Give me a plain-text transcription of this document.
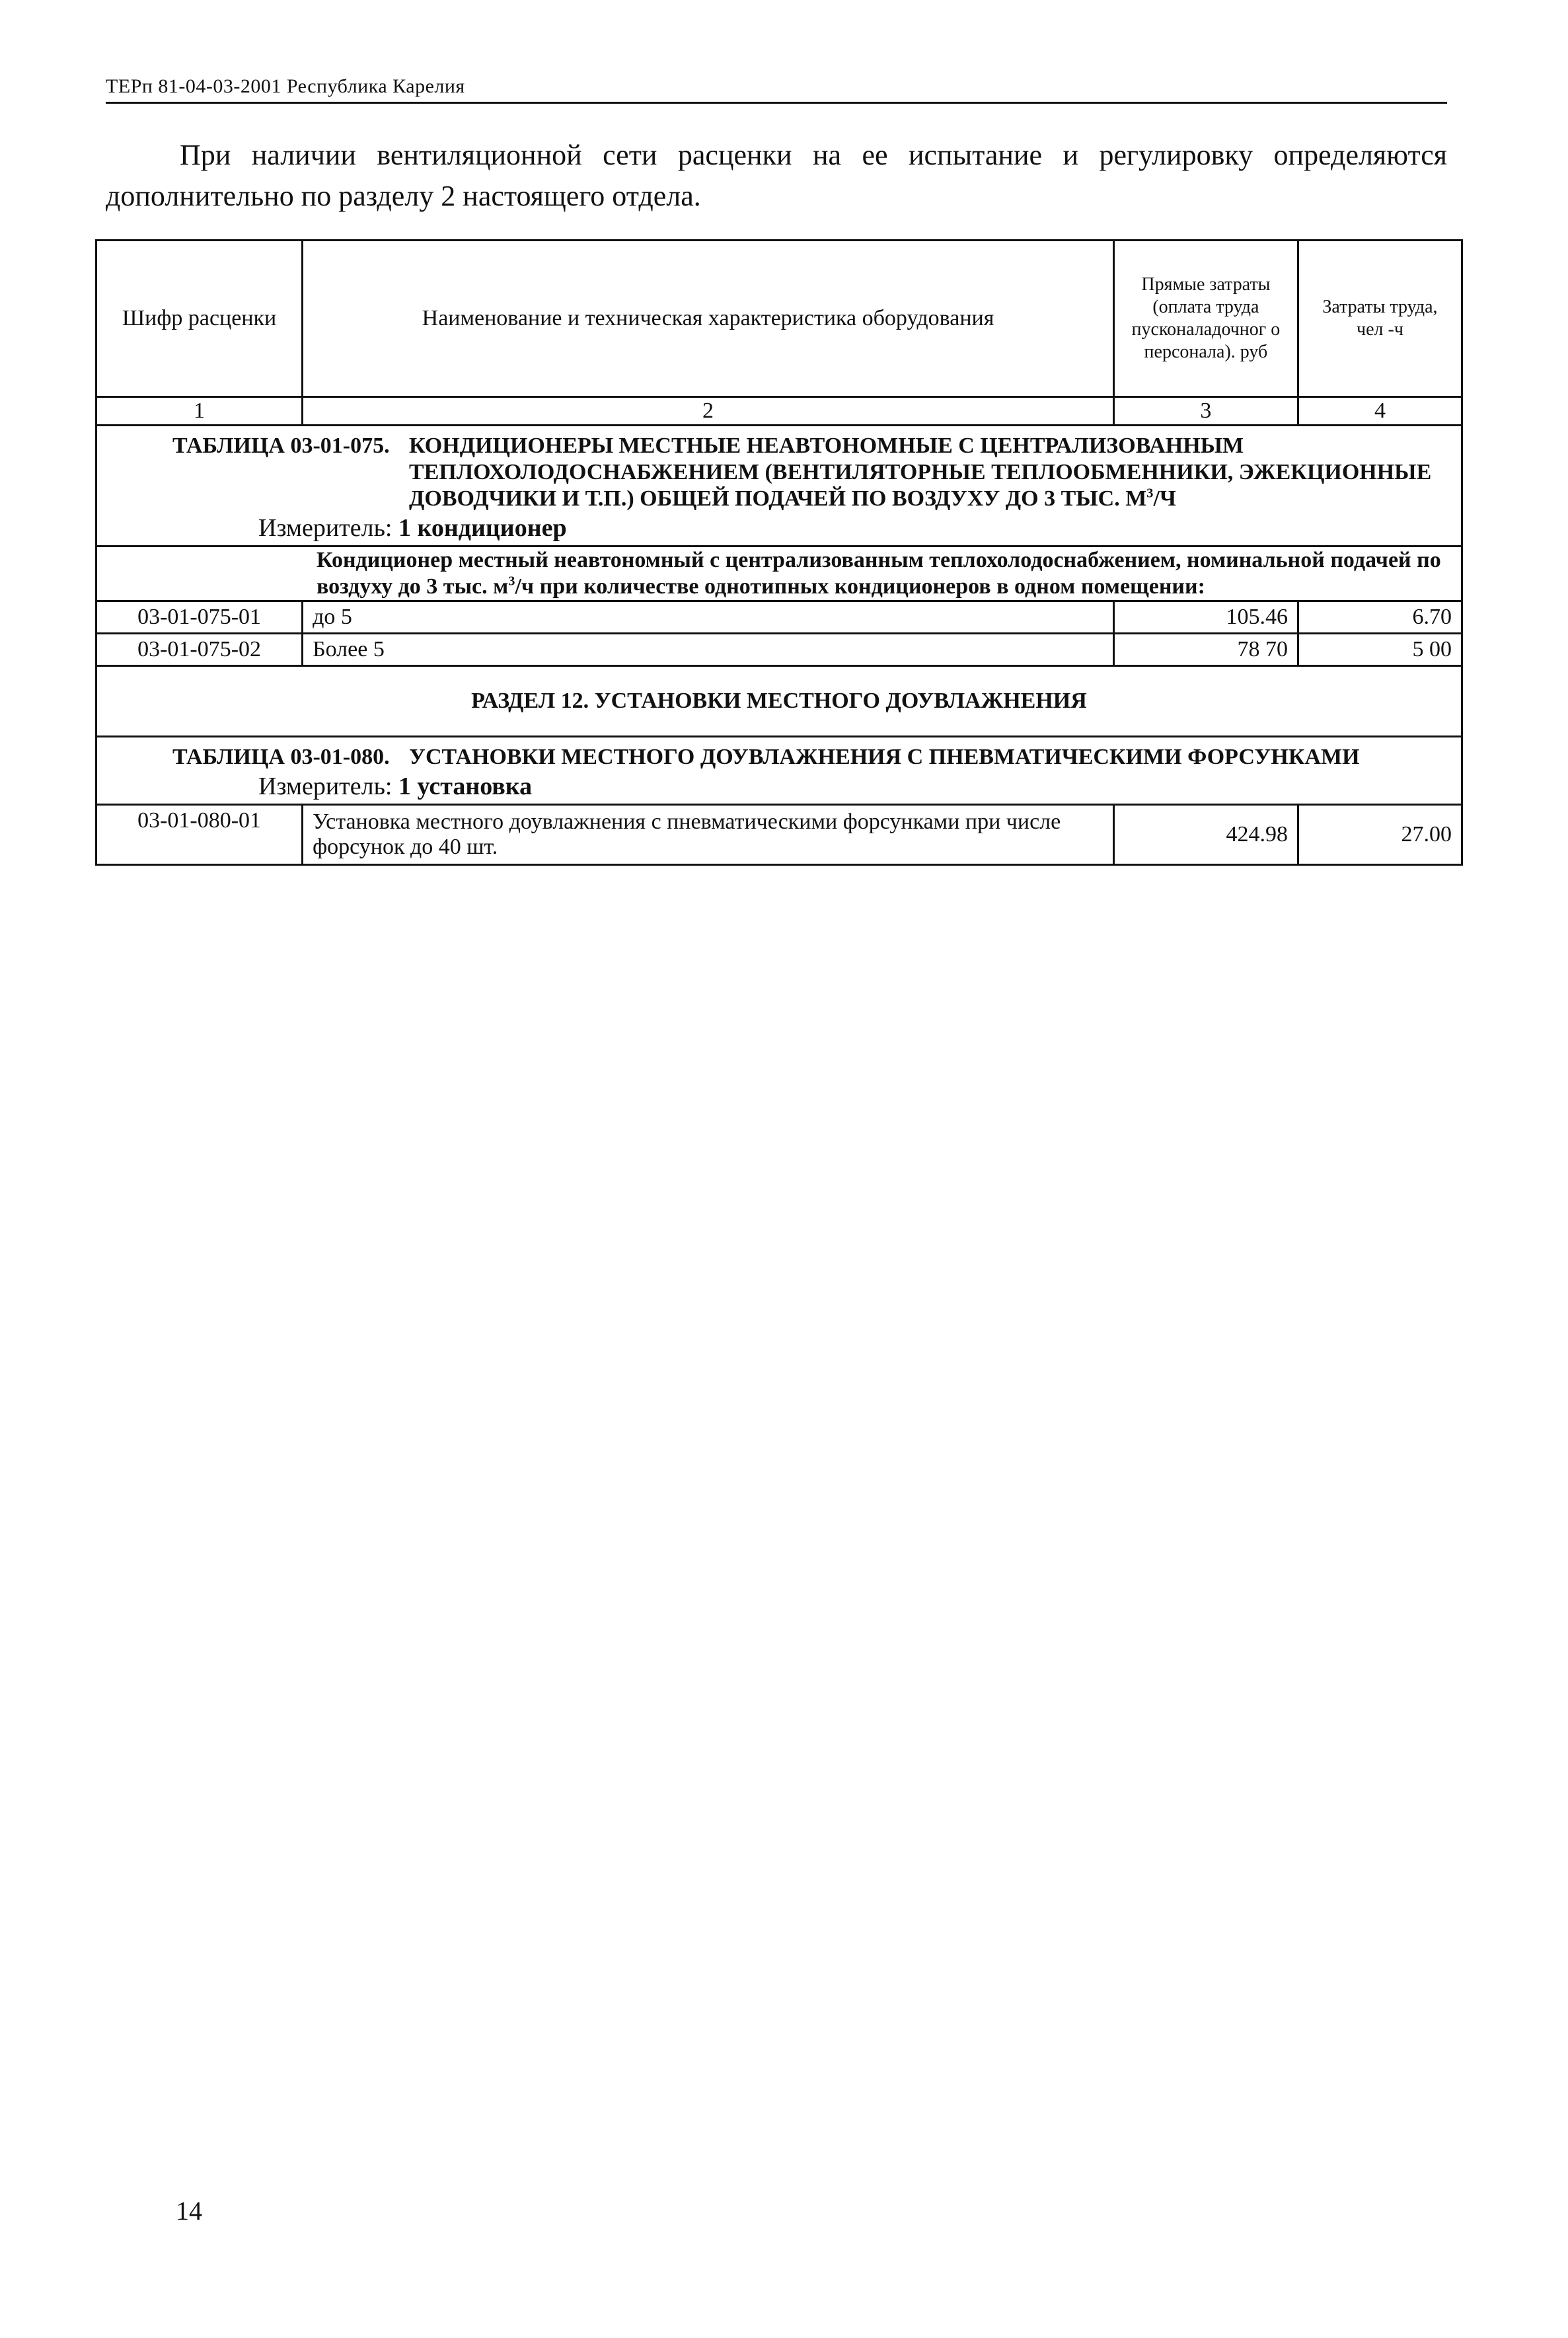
ТЕРп 81-04-03-2001 Республика Карелия
При наличии вентиляционной сети расценки на ее испытание и регулировку определяются дополнительно по разделу 2 настоящего отдела.
Шифр расценки	Наименование и техническая характеристика оборудования	Прямые затраты (оплата труда пусконаладочног о персонала). руб	Затраты труда, чел -ч
1	2	3	4

ТАБЛИЦА 03-01-075. КОНДИЦИОНЕРЫ МЕСТНЫЕ НЕАВТОНОМНЫЕ С ЦЕНТРАЛИЗОВАННЫМ ТЕПЛОХОЛОДОСНАБЖЕНИЕМ (ВЕНТИЛЯТОРНЫЕ ТЕПЛООБМЕННИКИ, ЭЖЕКЦИОННЫЕ ДОВОДЧИКИ И Т.П.) ОБЩЕЙ ПОДАЧЕЙ ПО ВОЗДУХУ ДО 3 ТЫС. $М^3/Ч$
Измеритель: 1 кондиционер			

Кондиционер местный неавтономный с централизованным теплохолодоснабжением, номинальной подачей по воздуху до 3 тыс. $м^3/ч$ при количестве однотипных кондиционеров в одном помещении:			

03-01-075-01	до 5	105.46	6.70
03-01-075-02	Более 5	78 70	5 00
РАЗДЕЛ 12. УСТАНОВКИ МЕСТНОГО ДОУВЛАЖНЕНИЯ			

ТАБЛИЦА 03-01-080. УСТАНОВКИ МЕСТНОГО ДОУВЛАЖНЕНИЯ С ПНЕВМАТИЧЕСКИМИ ФОРСУНКАМИ
Измеритель: 1 установка			

03-01-080-01	Установка местного доувлажнения с пневматическими форсунками при числе форсунок до 40 шт.	424.98	27.00
14
